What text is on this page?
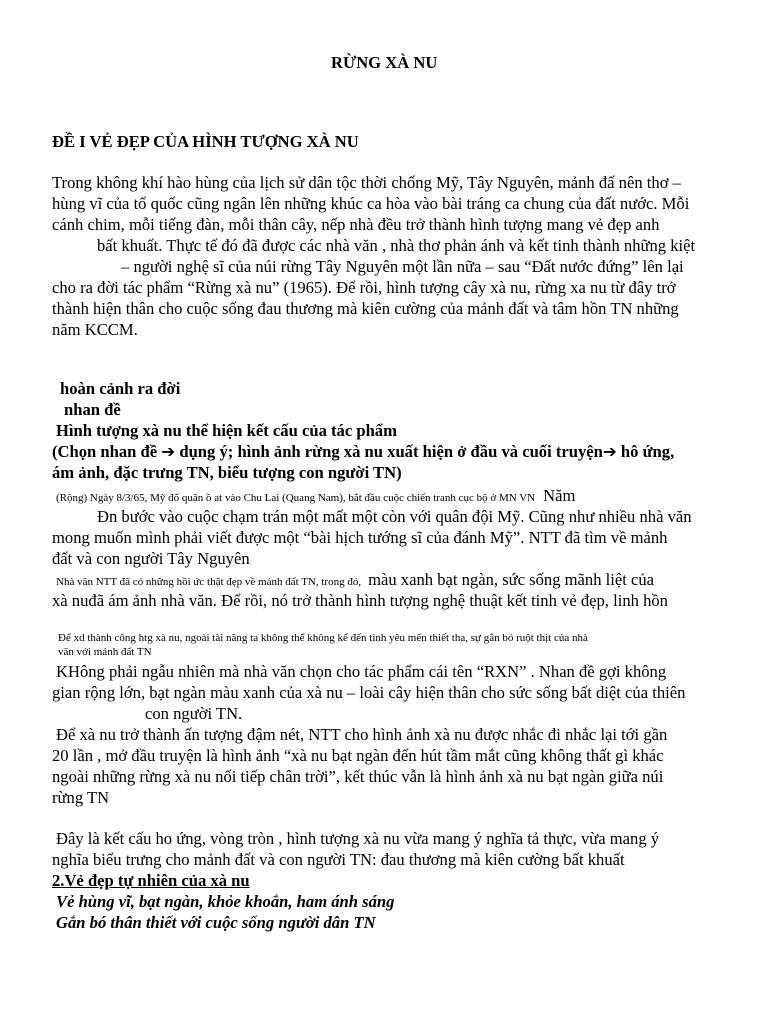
RỪNG XÀ NU
ĐỀ I VẺ ĐẸP CỦA HÌNH TƯỢNG XÀ NU
Trong không khí hào hùng của lịch sử dân tộc thời chống Mỹ, Tây Nguyên, mảnh đấ nên thơ –
hùng vĩ của tổ quốc cũng ngân lên những khúc ca hòa vào bài tráng ca chung của đất nước. Mỗi
cánh chim, mỗi tiếng đàn, mỗi thân cây, nếp nhà đều trở thành hình tượng mang vẻ đẹp anh
bất khuất. Thực tế đó đã được các nhà văn , nhà thơ phản ánh và kết tinh thành những kiệt
– người nghệ sĩ của núi rừng Tây Nguyên một lần nữa – sau “Đất nước đứng” lên lại
cho ra đời tác phẩm “Rừng xà nu” (1965). Để rồi, hình tượng cây xà nu, rừng xa nu từ đây trở
thành hiện thân cho cuộc sống đau thương mà kiên cường của mảnh đất và tâm hồn TN những
năm KCCM.
hoàn cảnh ra đời
nhan đề
Hình tượng xà nu thể hiện kết cấu của tác phẩm
(Chọn nhan đề ➔ dụng ý; hình ảnh rừng xà nu xuất hiện ở đầu và cuối truyện➔ hô ứng,
ám ảnh, đặc trưng TN, biểu tượng con người TN)
(Rộng) Ngày 8/3/65, Mỹ đổ quân ồ at vào Chu Lai (Quang Nam), bắt đầu cuộc chiến tranh cục bộ ở MN VN Năm
Đn bước vào cuộc chạm trán một mất một còn với quân đội Mỹ. Cũng như nhiều nhà văn
mong muốn mình phải viết được một “bài hịch tướng sĩ của đánh Mỹ”. NTT đã tìm về mảnh
đất và con người Tây Nguyên
Nhà văn NTT đã có những hồi ức thật đẹp về mảnh đất TN, trong đó, màu xanh bạt ngàn, sức sống mãnh liệt của
xà nuđã ám ảnh nhà văn. Để rồi, nó trở thành hình tượng nghệ thuật kết tinh vẻ đẹp, linh hồn
Để xd thành công htg xà nu, ngoài tài năng ta không thể không kể đến tình yêu mến thiết tha, sự gắn bó ruột thịt của nhà
văn với mảnh đất TN
KHông phải ngẫu nhiên mà nhà văn chọn cho tác phẩm cái tên “RXN” . Nhan đề gợi không
gian rộng lớn, bạt ngàn màu xanh của xà nu – loài cây hiện thân cho sức sống bất diệt của thiên
con người TN.
Để xà nu trở thành ấn tượng đậm nét, NTT cho hình ảnh xà nu được nhắc đi nhắc lại tới gần
20 lần , mở đầu truyện là hình ảnh “xà nu bạt ngàn đến hút tầm mắt cũng không thất gì khác
ngoài những rừng xà nu nối tiếp chân trời”, kết thúc vẫn là hình ảnh xà nu bạt ngàn giữa núi
rừng TN
Đây là kết cấu ho ứng, vòng tròn , hình tượng xà nu vừa mang ý nghĩa tả thực, vừa mang ý
nghĩa biểu trưng cho mảnh đất và con người TN: đau thương mà kiên cường bất khuất
2.Vẻ đẹp tự nhiên của xà nu
Vẻ hùng vĩ, bạt ngàn, khỏe khoắn, ham ánh sáng
Gắn bó thân thiết với cuộc sống người dân TN
